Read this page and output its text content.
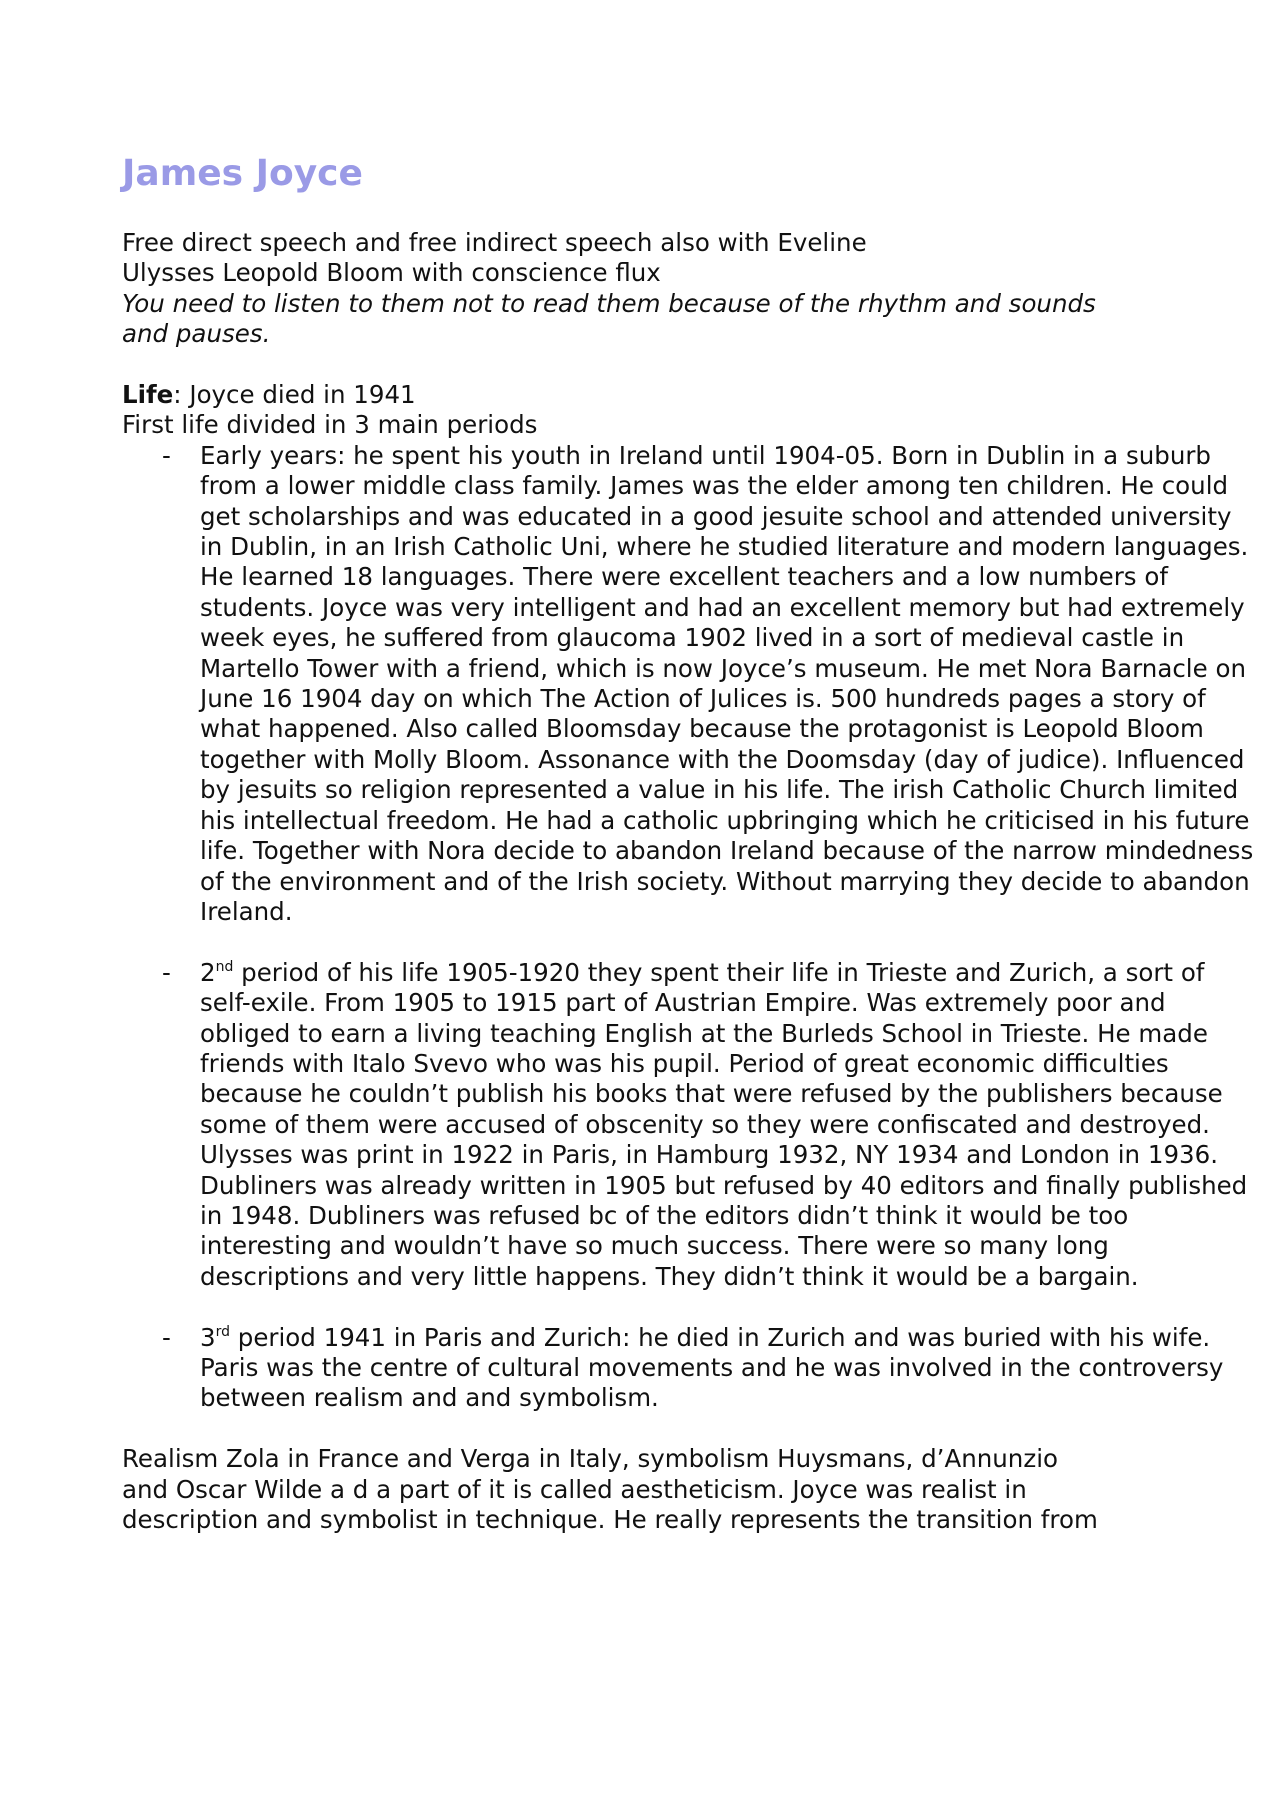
James Joyce

Free direct speech and free indirect speech also with Eveline

Ulysses Leopold Bloom with conscience flux

You need to listen to them not to read them because of the rhythm and sounds

and pauses.

Life: Joyce died in 1941

First life divided in 3 main periods

- Early years: he spent his youth in Ireland until 1904-05. Born in Dublin in a suburb from a lower middle class family. James was the elder among ten children. He could get scholarships and was educated in a good jesuite school and attended university in Dublin, in an Irish Catholic Uni, where he studied literature and modern languages. He learned 18 languages. There were excellent teachers and a low numbers of students. Joyce was very intelligent and had an excellent memory but had extremely week eyes, he suffered from glaucoma 1902 lived in a sort of medieval castle in Martello Tower with a friend, which is now Joyce’s museum. He met Nora Barnacle on June 16 1904 day on which The Action of Julices is. 500 hundreds pages a story of what happened. Also called Bloomsday because the protagonist is Leopold Bloom together with Molly Bloom. Assonance with the Doomsday (day of judice). Influenced by jesuits so religion represented a value in his life. The irish Catholic Church limited his intellectual freedom. He had a catholic upbringing which he criticised in his future life. Together with Nora decide to abandon Ireland because of the narrow mindedness of the environment and of the Irish society. Without marrying they decide to abandon Ireland.

- 2nd period of his life 1905-1920 they spent their life in Trieste and Zurich, a sort of self-exile. From 1905 to 1915 part of Austrian Empire. Was extremely poor and obliged to earn a living teaching English at the Burleds School in Trieste. He made friends with Italo Svevo who was his pupil. Period of great economic difficulties because he couldn’t publish his books that were refused by the publishers because some of them were accused of obscenity so they were confiscated and destroyed. Ulysses was print in 1922 in Paris, in Hamburg 1932, NY 1934 and London in 1936. Dubliners was already written in 1905 but refused by 40 editors and finally published in 1948. Dubliners was refused bc of the editors didn’t think it would be too interesting and wouldn’t have so much success. There were so many long descriptions and very little happens. They didn’t think it would be a bargain.

- 3rd period 1941 in Paris and Zurich: he died in Zurich and was buried with his wife. Paris was the centre of cultural movements and he was involved in the controversy between realism and and symbolism.

Realism Zola in France and Verga in Italy, symbolism Huysmans, d’Annunzio

and Oscar Wilde a d a part of it is called aestheticism. Joyce was realist in

description and symbolist in technique. He really represents the transition from
